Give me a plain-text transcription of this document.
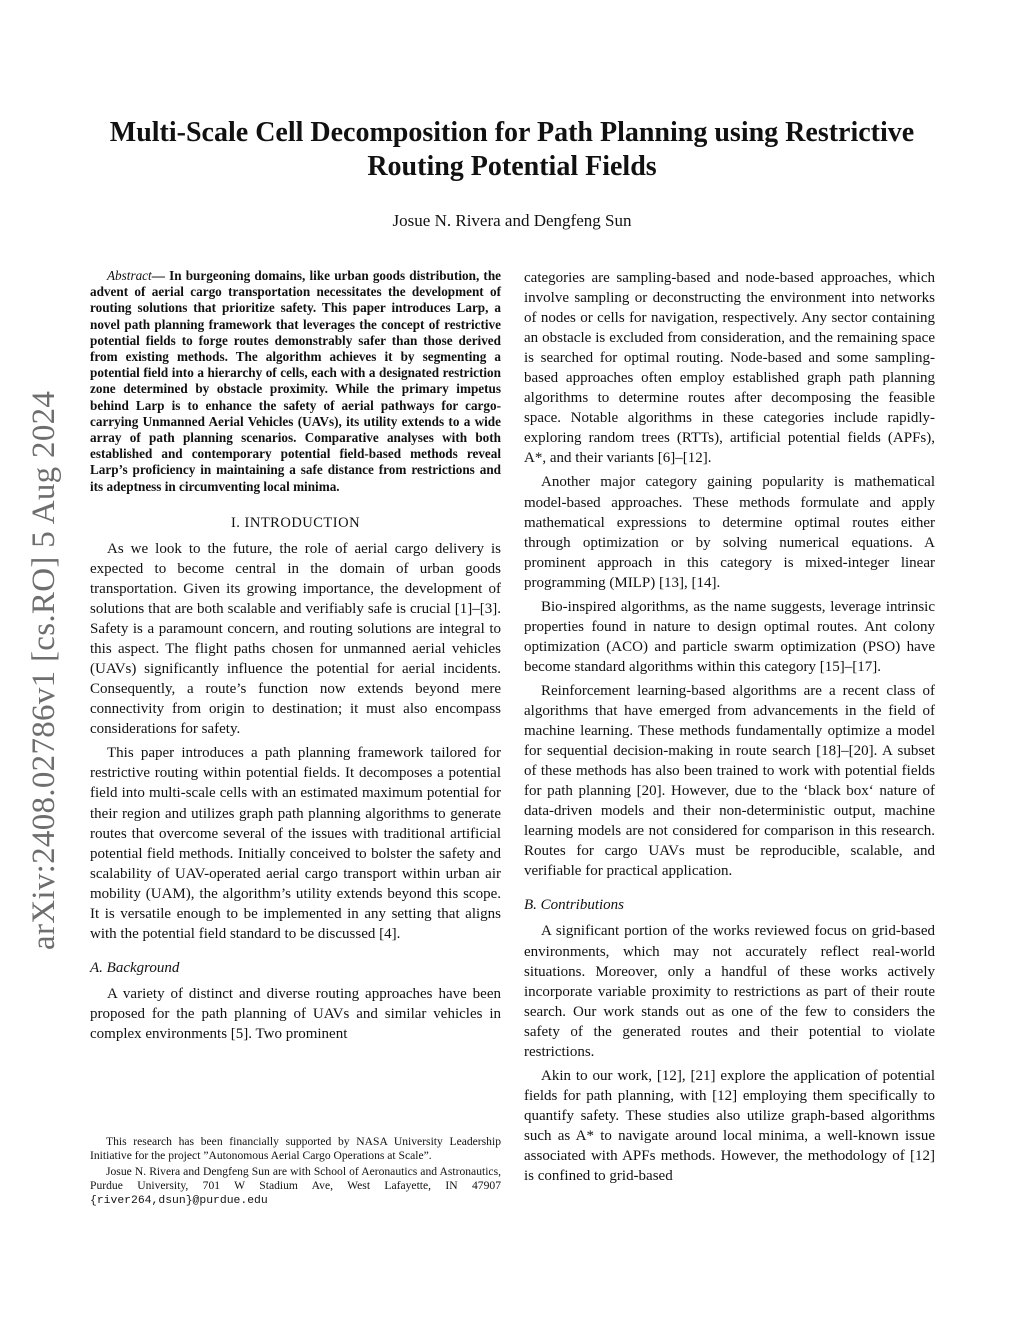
arXiv:2408.02786v1 [cs.RO] 5 Aug 2024
Multi-Scale Cell Decomposition for Path Planning using Restrictive
Routing Potential Fields
Josue N. Rivera and Dengfeng Sun

Abstract— In burgeoning domains, like urban goods distribution, the advent of aerial cargo transportation necessitates the development of routing solutions that prioritize safety. This paper introduces Larp, a novel path planning framework that leverages the concept of restrictive potential fields to forge routes demonstrably safer than those derived from existing methods. The algorithm achieves it by segmenting a potential field into a hierarchy of cells, each with a designated restriction zone determined by obstacle proximity. While the primary impetus behind Larp is to enhance the safety of aerial pathways for cargo-carrying Unmanned Aerial Vehicles (UAVs), its utility extends to a wide array of path planning scenarios. Comparative analyses with both established and contemporary potential field-based methods reveal Larp’s proficiency in maintaining a safe distance from restrictions and its adeptness in circumventing local minima.

I. INTRODUCTION

As we look to the future, the role of aerial cargo delivery is expected to become central in the domain of urban goods transportation. Given its growing importance, the development of solutions that are both scalable and verifiably safe is crucial [1]–[3]. Safety is a paramount concern, and routing solutions are integral to this aspect. The flight paths chosen for unmanned aerial vehicles (UAVs) significantly influence the potential for aerial incidents. Consequently, a route’s function now extends beyond mere connectivity from origin to destination; it must also encompass considerations for safety.

This paper introduces a path planning framework tailored for restrictive routing within potential fields. It decomposes a potential field into multi-scale cells with an estimated maximum potential for their region and utilizes graph path planning algorithms to generate routes that overcome several of the issues with traditional artificial potential field methods. Initially conceived to bolster the safety and scalability of UAV-operated aerial cargo transport within urban air mobility (UAM), the algorithm’s utility extends beyond this scope. It is versatile enough to be implemented in any setting that aligns with the potential field standard to be discussed [4].

A. Background

A variety of distinct and diverse routing approaches have been proposed for the path planning of UAVs and similar vehicles in complex environments [5]. Two prominent

This research has been financially supported by NASA University Leadership Initiative for the project ”Autonomous Aerial Cargo Operations at Scale”.

Josue N. Rivera and Dengfeng Sun are with School of Aeronautics and Astronautics, Purdue University, 701 W Stadium Ave, West Lafayette, IN 47907 {river264,dsun}@purdue.edu

categories are sampling-based and node-based approaches, which involve sampling or deconstructing the environment into networks of nodes or cells for navigation, respectively. Any sector containing an obstacle is excluded from consideration, and the remaining space is searched for optimal routing. Node-based and some sampling-based approaches often employ established graph path planning algorithms to determine routes after decomposing the feasible space. Notable algorithms in these categories include rapidly-exploring random trees (RTTs), artificial potential fields (APFs), A*, and their variants [6]–[12].

Another major category gaining popularity is mathematical model-based approaches. These methods formulate and apply mathematical expressions to determine optimal routes either through optimization or by solving numerical equations. A prominent approach in this category is mixed-integer linear programming (MILP) [13], [14].

Bio-inspired algorithms, as the name suggests, leverage intrinsic properties found in nature to design optimal routes. Ant colony optimization (ACO) and particle swarm optimization (PSO) have become standard algorithms within this category [15]–[17].

Reinforcement learning-based algorithms are a recent class of algorithms that have emerged from advancements in the field of machine learning. These methods fundamentally optimize a model for sequential decision-making in route search [18]–[20]. A subset of these methods has also been trained to work with potential fields for path planning [20]. However, due to the ‘black box‘ nature of data-driven models and their non-deterministic output, machine learning models are not considered for comparison in this research. Routes for cargo UAVs must be reproducible, scalable, and verifiable for practical application.

B. Contributions

A significant portion of the works reviewed focus on grid-based environments, which may not accurately reflect real-world situations. Moreover, only a handful of these works actively incorporate variable proximity to restrictions as part of their route search. Our work stands out as one of the few to considers the safety of the generated routes and their potential to violate restrictions.

Akin to our work, [12], [21] explore the application of potential fields for path planning, with [12] employing them specifically to quantify safety. These studies also utilize graph-based algorithms such as A* to navigate around local minima, a well-known issue associated with APFs methods. However, the methodology of [12] is confined to grid-based
